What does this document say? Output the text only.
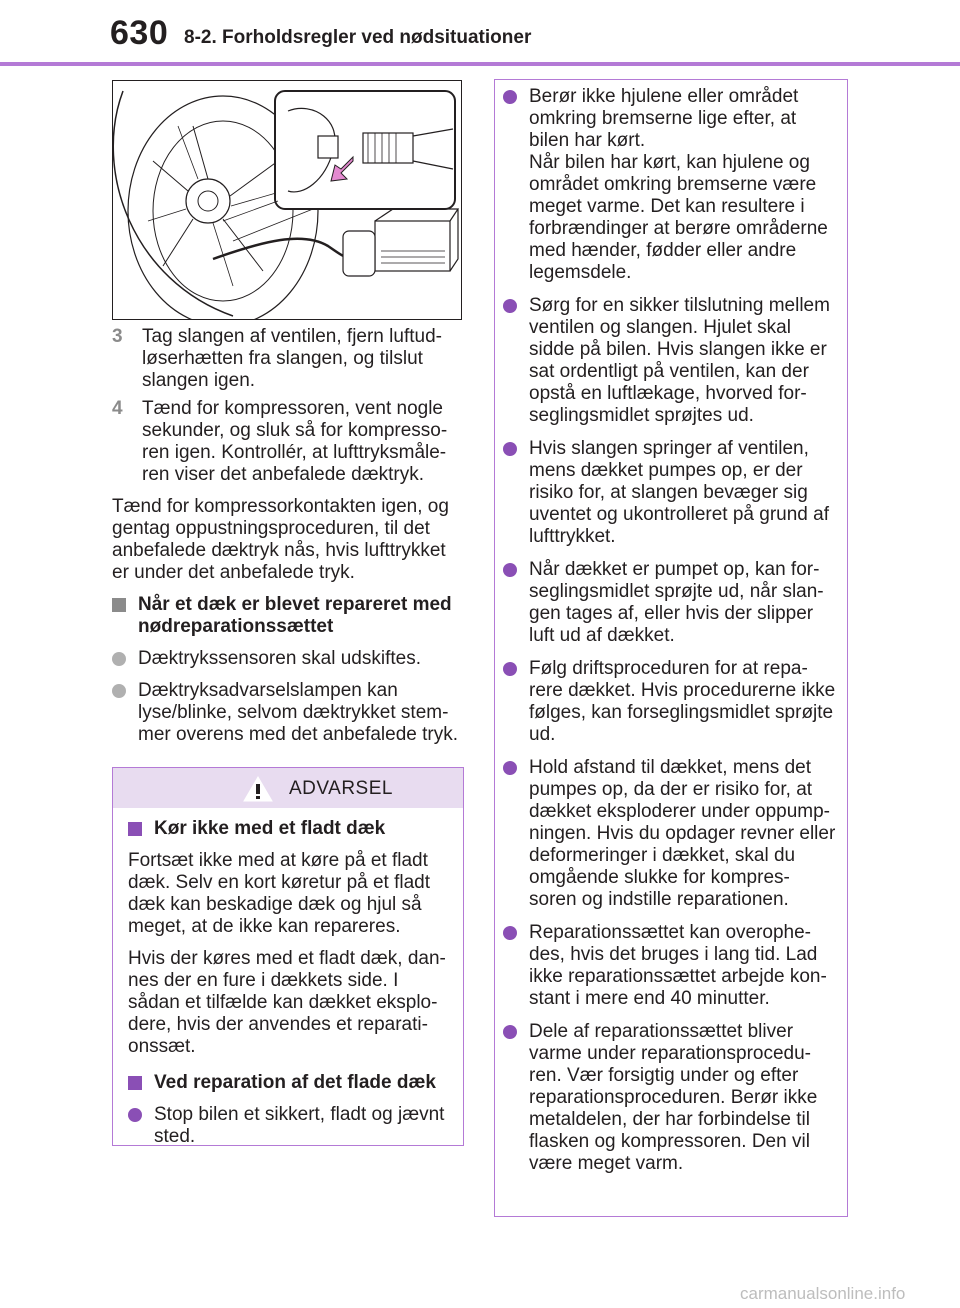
630 8-2. Forholdsregler ved nødsituationer
3 Tag slangen af ventilen, fjern luftud-løserhætten fra slangen, og tilslut slangen igen.
4 Tænd for kompressoren, vent nogle sekunder, og sluk så for kompresso-ren igen. Kontrollér, at lufttryksmåle-ren viser det anbefalede dæktryk.

Tænd for kompressorkontakten igen, og gentag oppustningsproceduren, til det anbefalede dæktryk nås, hvis lufttrykket er under det anbefalede tryk.

Når et dæk er blevet repareret med nødreparationssættet
Dæktrykssensoren skal udskiftes.
Dæktryksadvarselslampen kan lyse/blinke, selvom dæktrykket stem-mer overens med det anbefalede tryk.
ADVARSEL
Kør ikke med et fladt dæk

Fortsæt ikke med at køre på et fladt dæk. Selv en kort køretur på et fladt dæk kan beskadige dæk og hjul så meget, at de ikke kan repareres.

Hvis der køres med et fladt dæk, dan-nes der en fure i dækkets side. I sådan et tilfælde kan dækket eksplo-dere, hvis der anvendes et reparati-onssæt.

Ved reparation af det flade dæk
Stop bilen et sikkert, fladt og jævnt sted.
Berør ikke hjulene eller området omkring bremserne lige efter, at bilen har kørt.
Når bilen har kørt, kan hjulene og området omkring bremserne være meget varme. Det kan resultere i forbrændinger at berøre områderne med hænder, fødder eller andre legemsdele.
Sørg for en sikker tilslutning mellem ventilen og slangen. Hjulet skal sidde på bilen. Hvis slangen ikke er sat ordentligt på ventilen, kan der opstå en luftlækage, hvorved for-seglingsmidlet sprøjtes ud.
Hvis slangen springer af ventilen, mens dækket pumpes op, er der risiko for, at slangen bevæger sig uventet og ukontrolleret på grund af lufttrykket.
Når dækket er pumpet op, kan for-seglingsmidlet sprøjte ud, når slan-gen tages af, eller hvis der slipper luft ud af dækket.
Følg driftsproceduren for at repa-rere dækket. Hvis procedurerne ikke følges, kan forseglingsmidlet sprøjte ud.
Hold afstand til dækket, mens det pumpes op, da der er risiko for, at dækket eksploderer under oppump-ningen. Hvis du opdager revner eller deformeringer i dækket, skal du omgående slukke for kompres-soren og indstille reparationen.
Reparationssættet kan overophe-des, hvis det bruges i lang tid. Lad ikke reparationssættet arbejde kon-stant i mere end 40 minutter.
Dele af reparationssættet bliver varme under reparationsprocedu-ren. Vær forsigtig under og efter reparationsproceduren. Berør ikke metaldelen, der har forbindelse til flasken og kompressoren. Den vil være meget varm.
carmanualsonline.info
